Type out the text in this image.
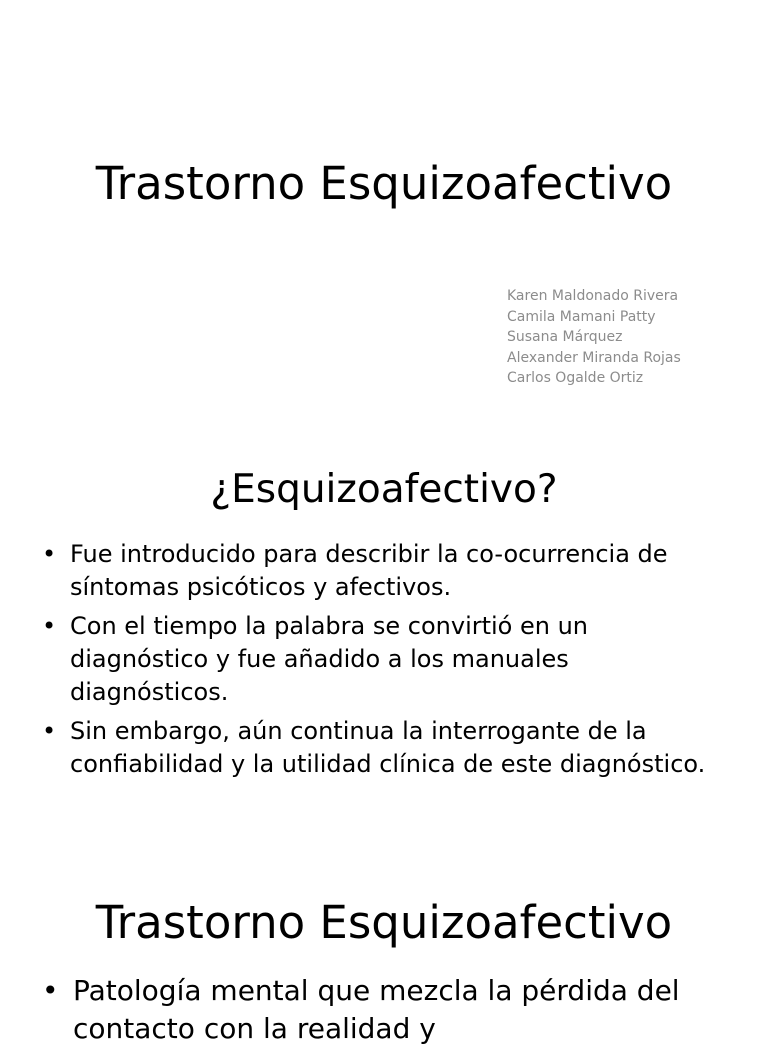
Trastorno Esquizoafectivo
Karen Maldonado Rivera
Camila Mamani Patty
Susana Márquez
Alexander Miranda Rojas
Carlos Ogalde Ortiz
¿Esquizoafectivo?
• Fue introducido para describir la co-ocurrencia de síntomas psicóticos y afectivos.
• Con el tiempo la palabra se convirtió en un diagnóstico y fue añadido a los manuales diagnósticos.
• Sin embargo, aún continua la interrogante de la confiabilidad y la utilidad clínica de este diagnóstico.
Trastorno Esquizoafectivo
• Patología mental que mezcla la pérdida del contacto con la realidad y
